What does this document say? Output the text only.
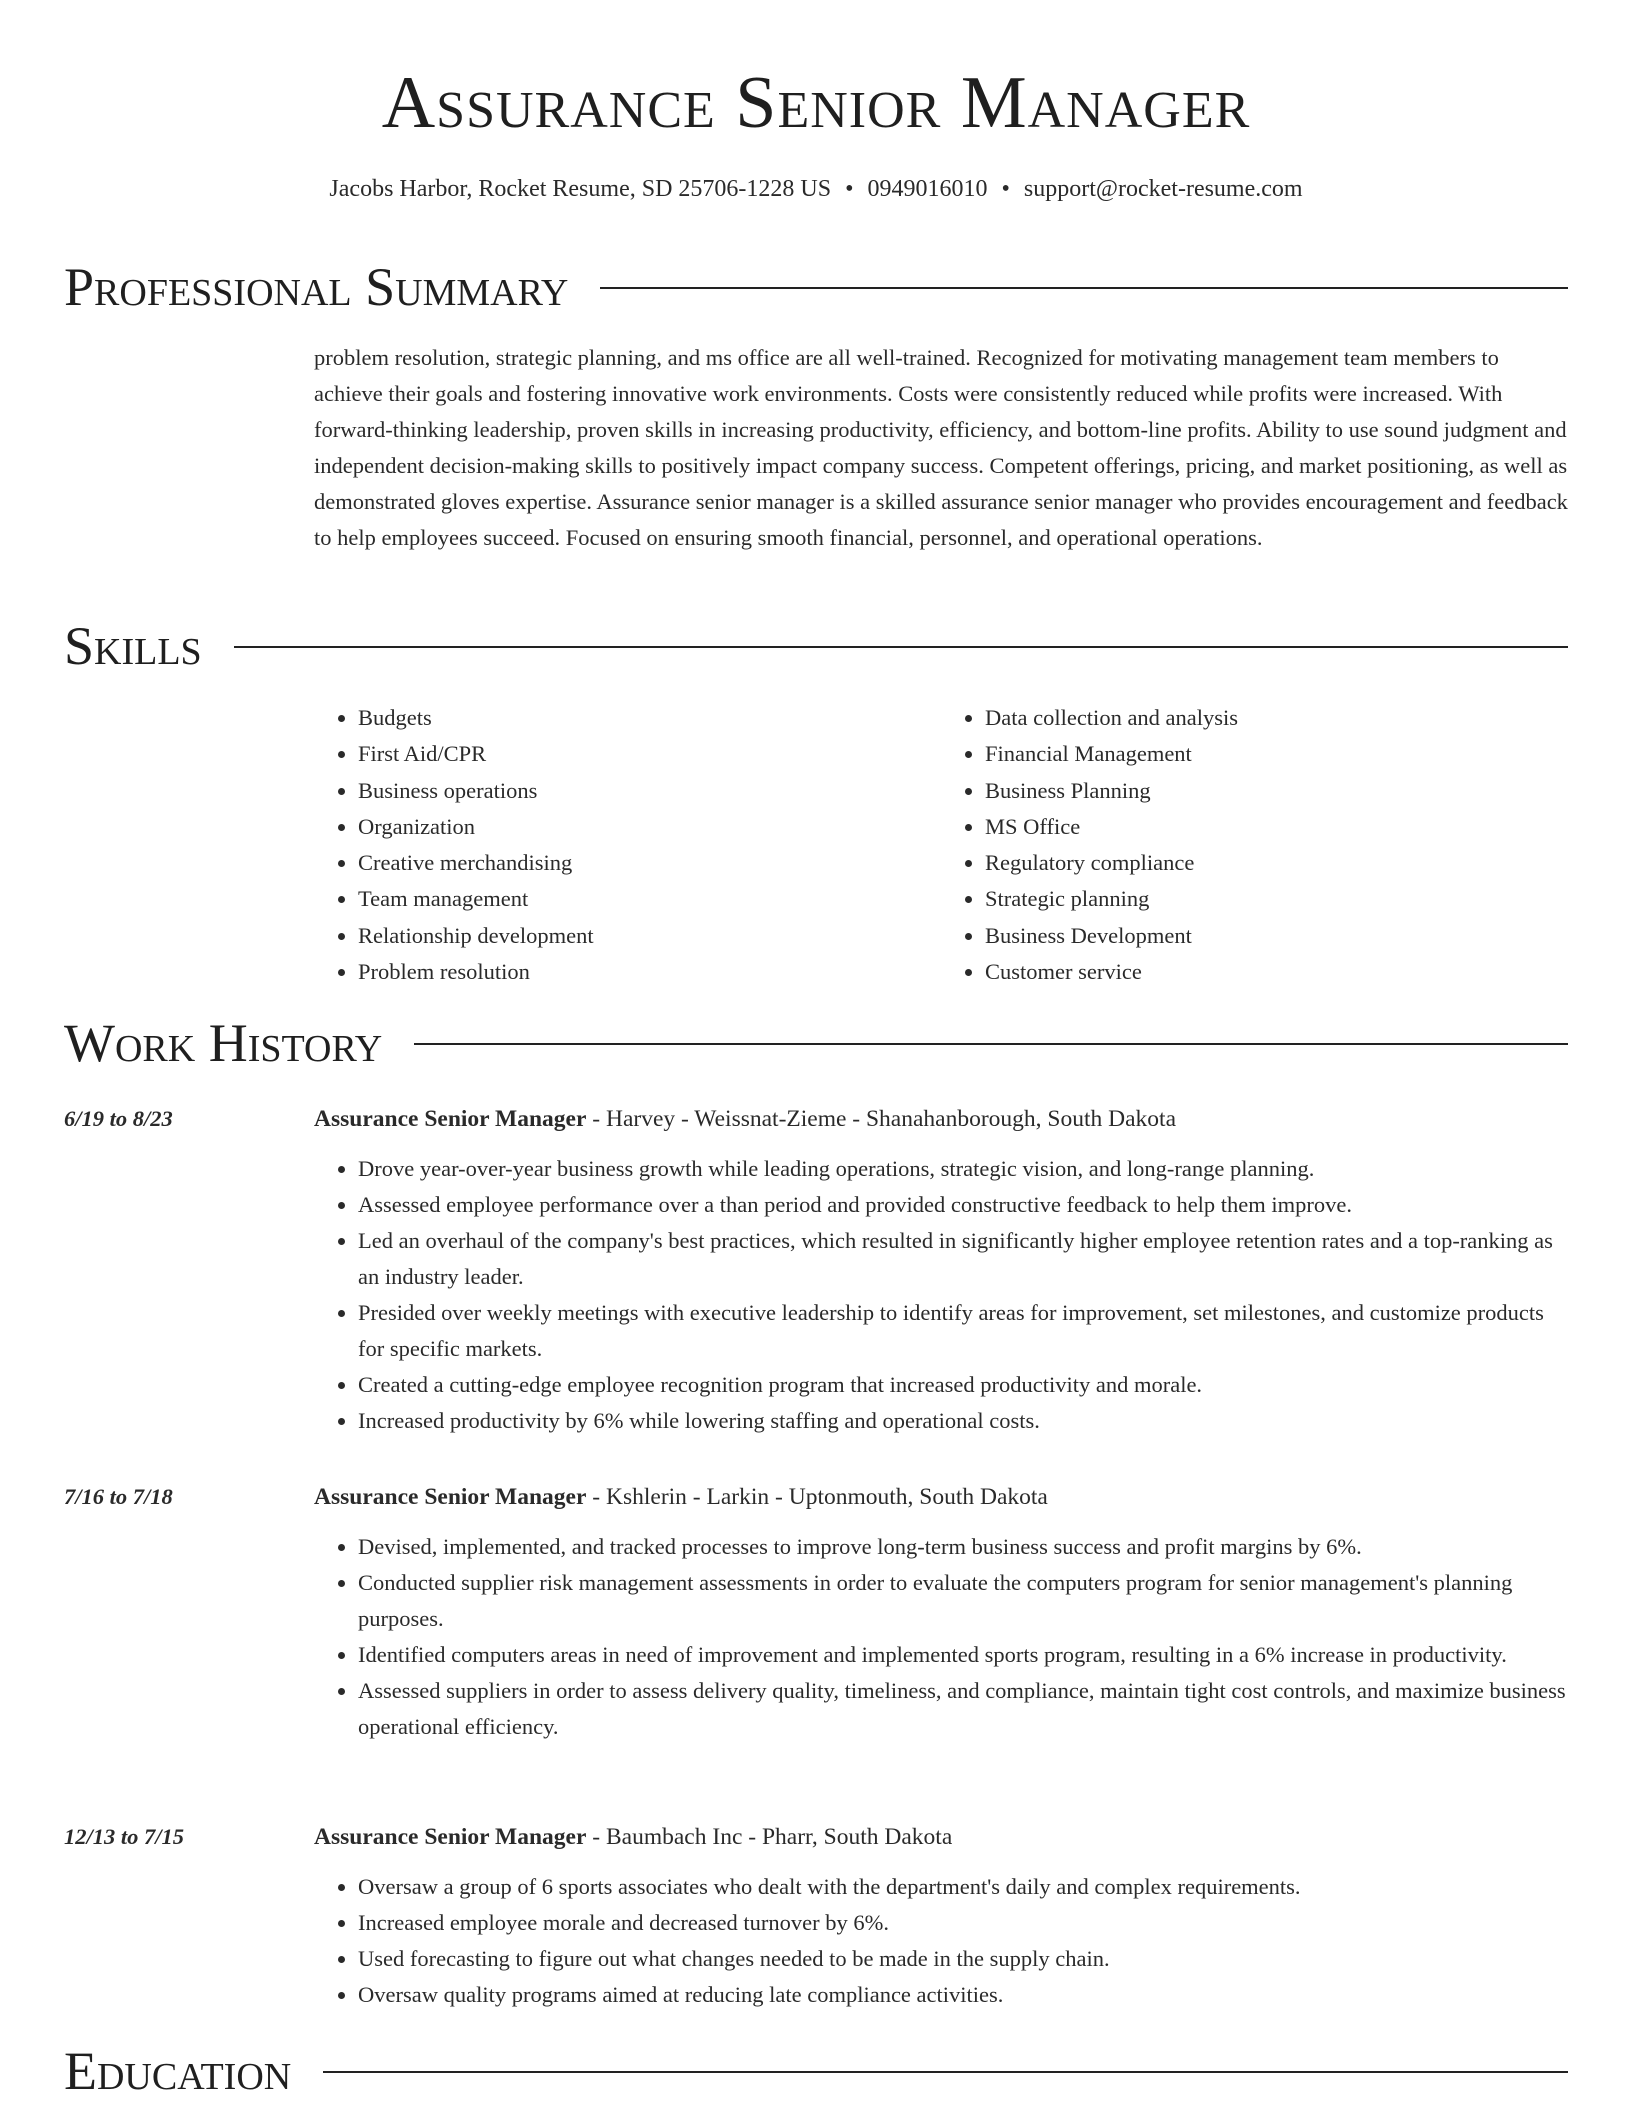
Assurance Senior Manager
Jacobs Harbor, Rocket Resume, SD 25706-1228 US • 0949016010 • support@rocket-resume.com
Professional Summary

problem resolution, strategic planning, and ms office are all well-trained. Recognized for motivating management team members to achieve their goals and fostering innovative work environments. Costs were consistently reduced while profits were increased. With forward-thinking leadership, proven skills in increasing productivity, efficiency, and bottom-line profits. Ability to use sound judgment and independent decision-making skills to positively impact company success. Competent offerings, pricing, and market positioning, as well as demonstrated gloves expertise. Assurance senior manager is a skilled assurance senior manager who provides encouragement and feedback to help employees succeed. Focused on ensuring smooth financial, personnel, and operational operations.

Skills
• Budgets
• First Aid/CPR
• Business operations
• Organization
• Creative merchandising
• Team management
• Relationship development
• Problem resolution
• Data collection and analysis
• Financial Management
• Business Planning
• MS Office
• Regulatory compliance
• Strategic planning
• Business Development
• Customer service
Work History
6/19 to 8/23	Assurance Senior Manager - Harvey - Weissnat-Zieme - Shanahanborough, South Dakota
• Drove year-over-year business growth while leading operations, strategic vision, and long-range planning.
• Assessed employee performance over a than period and provided constructive feedback to help them improve.
• Led an overhaul of the company's best practices, which resulted in significantly higher employee retention rates and a top-ranking as an industry leader.
• Presided over weekly meetings with executive leadership to identify areas for improvement, set milestones, and customize products for specific markets.
• Created a cutting-edge employee recognition program that increased productivity and morale.
• Increased productivity by 6% while lowering staffing and operational costs.
7/16 to 7/18	Assurance Senior Manager - Kshlerin - Larkin - Uptonmouth, South Dakota
• Devised, implemented, and tracked processes to improve long-term business success and profit margins by 6%.
• Conducted supplier risk management assessments in order to evaluate the computers program for senior management's planning purposes.
• Identified computers areas in need of improvement and implemented sports program, resulting in a 6% increase in productivity.
• Assessed suppliers in order to assess delivery quality, timeliness, and compliance, maintain tight cost controls, and maximize business operational efficiency.
12/13 to 7/15	Assurance Senior Manager - Baumbach Inc - Pharr, South Dakota
• Oversaw a group of 6 sports associates who dealt with the department's daily and complex requirements.
• Increased employee morale and decreased turnover by 6%.
• Used forecasting to figure out what changes needed to be made in the supply chain.
• Oversaw quality programs aimed at reducing late compliance activities.
Education
